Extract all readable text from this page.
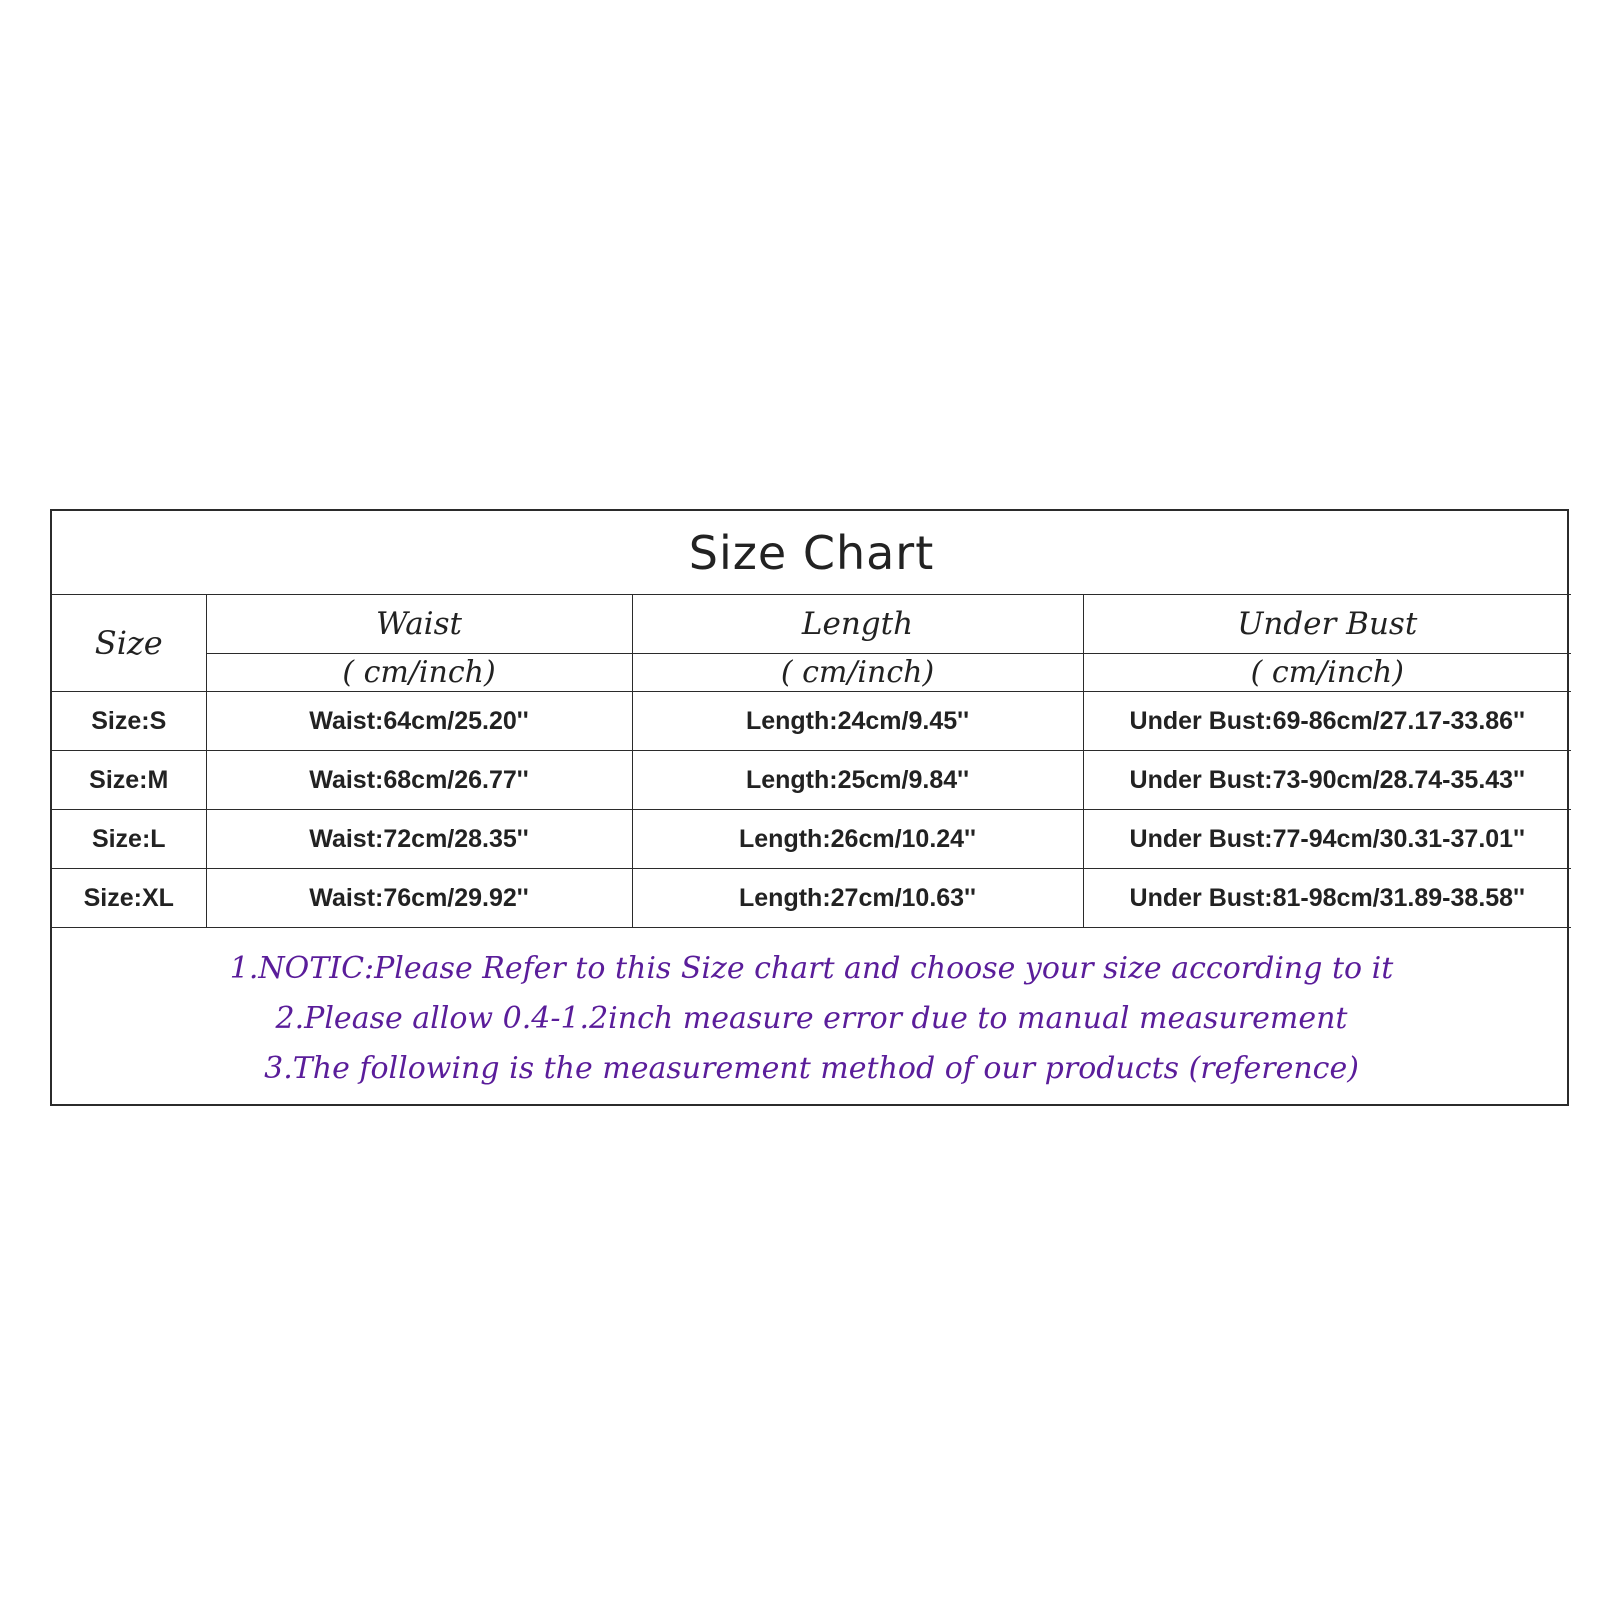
Size Chart			
Size	Waist	Length	Under Bust
	( cm/inch)	( cm/inch)	( cm/inch)
Size:S	Waist:64cm/25.20''	Length:24cm/9.45''	Under Bust:69-86cm/27.17-33.86''
Size:M	Waist:68cm/26.77''	Length:25cm/9.84''	Under Bust:73-90cm/28.74-35.43''
Size:L	Waist:72cm/28.35''	Length:26cm/10.24''	Under Bust:77-94cm/30.31-37.01''
Size:XL	Waist:76cm/29.92''	Length:27cm/10.63''	Under Bust:81-98cm/31.89-38.58''

1.NOTIC:Please Refer to this Size chart and choose your size according to it
2.Please allow 0.4-1.2inch measure error due to manual measurement
3.The following is the measurement method of our products (reference)			
